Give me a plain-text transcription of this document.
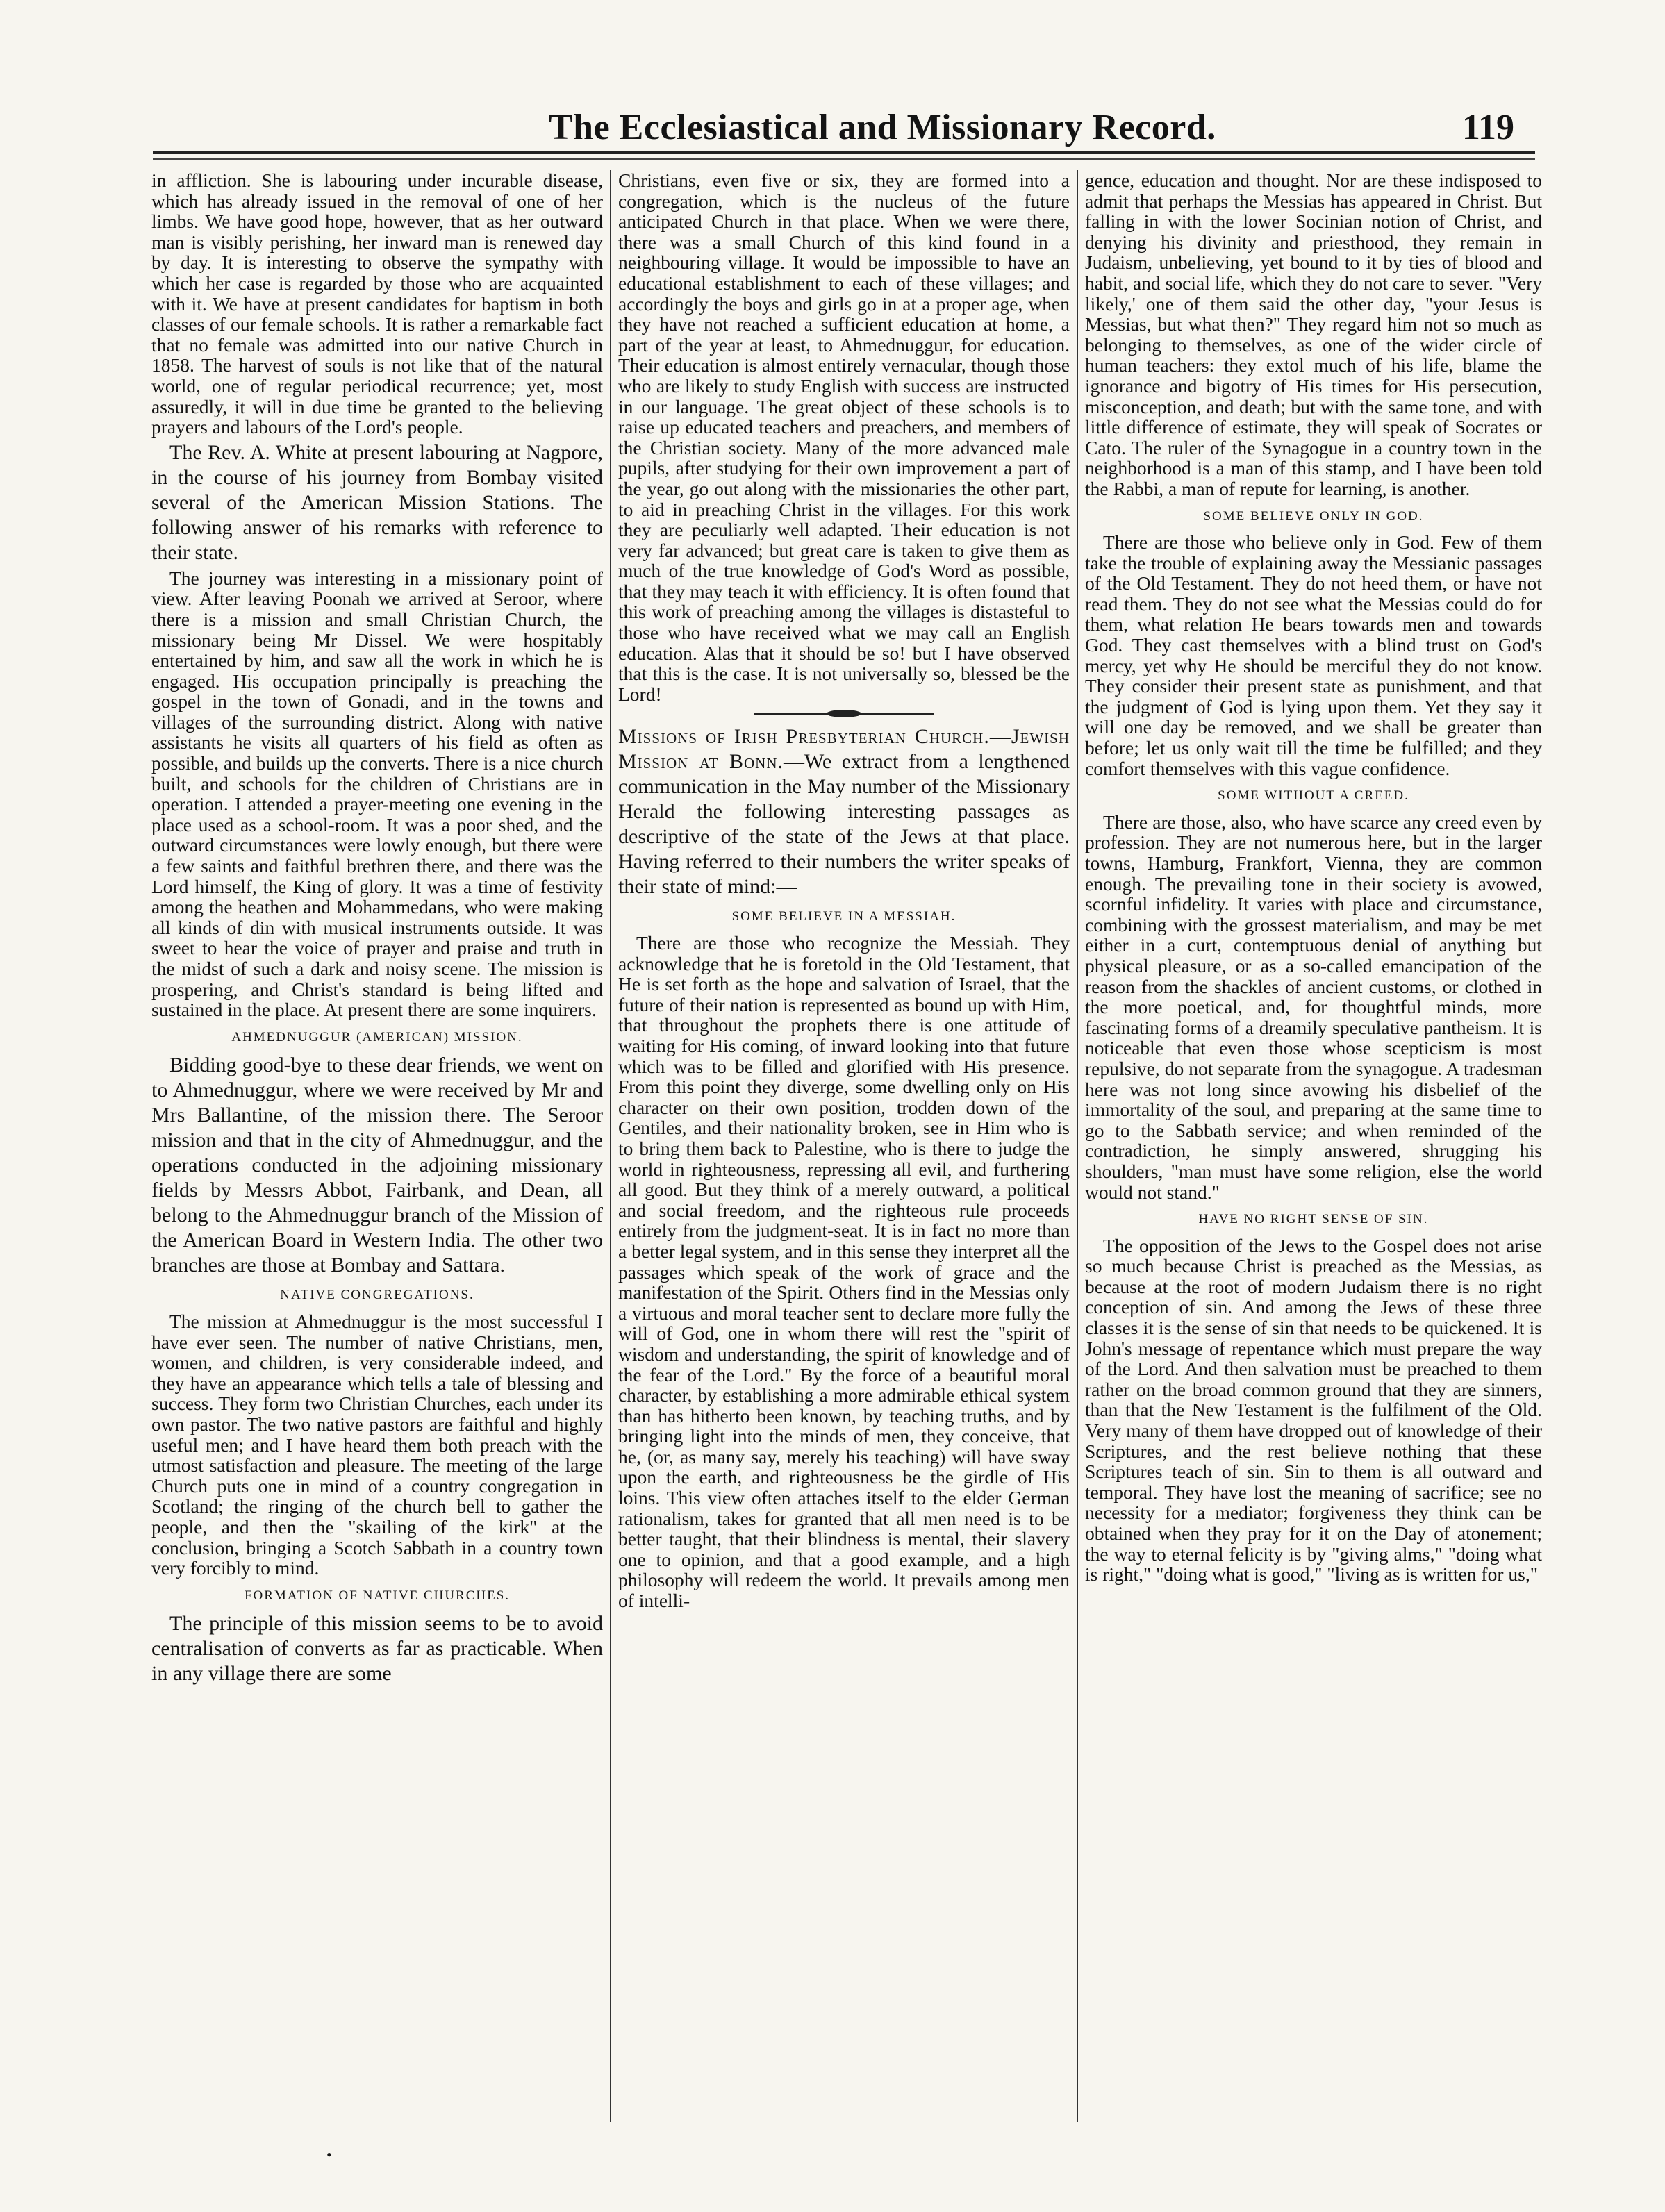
The Ecclesiastical and Missionary Record.	119

in affliction. She is labouring under incurable disease, which has already issued in the removal of one of her limbs. We have good hope, however, that as her outward man is visibly perishing, her inward man is renewed day by day. It is interesting to observe the sympathy with which her case is regarded by those who are acquainted with it. We have at present candidates for baptism in both classes of our female schools. It is rather a remarkable fact that no female was admitted into our native Church in 1858. The harvest of souls is not like that of the natural world, one of regular periodical recurrence; yet, most assuredly, it will in due time be granted to the believing prayers and labours of the Lord's people.

The Rev. A. White at present labouring at Nagpore, in the course of his journey from Bombay visited several of the American Mission Stations. The following answer of his remarks with reference to their state.

The journey was interesting in a missionary point of view. After leaving Poonah we arrived at Seroor, where there is a mission and small Christian Church, the missionary being Mr Dissel. We were hospitably entertained by him, and saw all the work in which he is engaged. His occupation principally is preaching the gospel in the town of Gonadi, and in the towns and villages of the surrounding district. Along with native assistants he visits all quarters of his field as often as possible, and builds up the converts. There is a nice church built, and schools for the children of Christians are in operation. I attended a prayer-meeting one evening in the place used as a school-room. It was a poor shed, and the outward circumstances were lowly enough, but there were a few saints and faithful brethren there, and there was the Lord himself, the King of glory. It was a time of festivity among the heathen and Mohammedans, who were making all kinds of din with musical instruments outside. It was sweet to hear the voice of prayer and praise and truth in the midst of such a dark and noisy scene. The mission is prospering, and Christ's standard is being lifted and sustained in the place. At present there are some inquirers.

AHMEDNUGGUR (AMERICAN) MISSION.

Bidding good-bye to these dear friends, we went on to Ahmednuggur, where we were received by Mr and Mrs Ballantine, of the mission there. The Seroor mission and that in the city of Ahmednuggur, and the operations conducted in the adjoining missionary fields by Messrs Abbot, Fairbank, and Dean, all belong to the Ahmednuggur branch of the Mission of the American Board in Western India. The other two branches are those at Bombay and Sattara.

NATIVE CONGREGATIONS.

The mission at Ahmednuggur is the most successful I have ever seen. The number of native Christians, men, women, and children, is very considerable indeed, and they have an appearance which tells a tale of blessing and success. They form two Christian Churches, each under its own pastor. The two native pastors are faithful and highly useful men; and I have heard them both preach with the utmost satisfaction and pleasure. The meeting of the large Church puts one in mind of a country congregation in Scotland; the ringing of the church bell to gather the people, and then the "skailing of the kirk" at the conclusion, bringing a Scotch Sabbath in a country town very forcibly to mind.

FORMATION OF NATIVE CHURCHES.

The principle of this mission seems to be to avoid centralisation of converts as far as practicable. When in any village there are some

Christians, even five or six, they are formed into a congregation, which is the nucleus of the future anticipated Church in that place. When we were there, there was a small Church of this kind found in a neighbouring village. It would be impossible to have an educational establishment to each of these villages; and accordingly the boys and girls go in at a proper age, when they have not reached a sufficient education at home, a part of the year at least, to Ahmednuggur, for education. Their education is almost entirely vernacular, though those who are likely to study English with success are instructed in our language. The great object of these schools is to raise up educated teachers and preachers, and members of the Christian society. Many of the more advanced male pupils, after studying for their own improvement a part of the year, go out along with the missionaries the other part, to aid in preaching Christ in the villages. For this work they are peculiarly well adapted. Their education is not very far advanced; but great care is taken to give them as much of the true knowledge of God's Word as possible, that they may teach it with efficiency. It is often found that this work of preaching among the villages is distasteful to those who have received what we may call an English education. Alas that it should be so! but I have observed that this is the case. It is not universally so, blessed be the Lord!

Missions of Irish Presbyterian Church.—Jewish Mission at Bonn.—We extract from a lengthened communication in the May number of the Missionary Herald the following interesting passages as descriptive of the state of the Jews at that place. Having referred to their numbers the writer speaks of their state of mind:—

SOME BELIEVE IN A MESSIAH.

There are those who recognize the Messiah. They acknowledge that he is foretold in the Old Testament, that He is set forth as the hope and salvation of Israel, that the future of their nation is represented as bound up with Him, that throughout the prophets there is one attitude of waiting for His coming, of inward looking into that future which was to be filled and glorified with His presence. From this point they diverge, some dwelling only on His character on their own position, trodden down of the Gentiles, and their nationality broken, see in Him who is to bring them back to Palestine, who is there to judge the world in righteousness, repressing all evil, and furthering all good. But they think of a merely outward, a political and social freedom, and the righteous rule proceeds entirely from the judgment-seat. It is in fact no more than a better legal system, and in this sense they interpret all the passages which speak of the work of grace and the manifestation of the Spirit. Others find in the Messias only a virtuous and moral teacher sent to declare more fully the will of God, one in whom there will rest the "spirit of wisdom and understanding, the spirit of knowledge and of the fear of the Lord." By the force of a beautiful moral character, by establishing a more admirable ethical system than has hitherto been known, by teaching truths, and by bringing light into the minds of men, they conceive, that he, (or, as many say, merely his teaching) will have sway upon the earth, and righteousness be the girdle of His loins. This view often attaches itself to the elder German rationalism, takes for granted that all men need is to be better taught, that their blindness is mental, their slavery one to opinion, and that a good example, and a high philosophy will redeem the world. It prevails among men of intelli-

gence, education and thought. Nor are these indisposed to admit that perhaps the Messias has appeared in Christ. But falling in with the lower Socinian notion of Christ, and denying his divinity and priesthood, they remain in Judaism, unbelieving, yet bound to it by ties of blood and habit, and social life, which they do not care to sever. "Very likely,' one of them said the other day, "your Jesus is Messias, but what then?" They regard him not so much as belonging to themselves, as one of the wider circle of human teachers: they extol much of his life, blame the ignorance and bigotry of His times for His persecution, misconception, and death; but with the same tone, and with little difference of estimate, they will speak of Socrates or Cato. The ruler of the Synagogue in a country town in the neighborhood is a man of this stamp, and I have been told the Rabbi, a man of repute for learning, is another.

SOME BELIEVE ONLY IN GOD.

There are those who believe only in God. Few of them take the trouble of explaining away the Messianic passages of the Old Testament. They do not heed them, or have not read them. They do not see what the Messias could do for them, what relation He bears towards men and towards God. They cast themselves with a blind trust on God's mercy, yet why He should be merciful they do not know. They consider their present state as punishment, and that the judgment of God is lying upon them. Yet they say it will one day be removed, and we shall be greater than before; let us only wait till the time be fulfilled; and they comfort themselves with this vague confidence.

SOME WITHOUT A CREED.

There are those, also, who have scarce any creed even by profession. They are not numerous here, but in the larger towns, Hamburg, Frankfort, Vienna, they are common enough. The prevailing tone in their society is avowed, scornful infidelity. It varies with place and circumstance, combining with the grossest materialism, and may be met either in a curt, contemptuous denial of anything but physical pleasure, or as a so-called emancipation of the reason from the shackles of ancient customs, or clothed in the more poetical, and, for thoughtful minds, more fascinating forms of a dreamily speculative pantheism. It is noticeable that even those whose scepticism is most repulsive, do not separate from the synagogue. A tradesman here was not long since avowing his disbelief of the immortality of the soul, and preparing at the same time to go to the Sabbath service; and when reminded of the contradiction, he simply answered, shrugging his shoulders, "man must have some religion, else the world would not stand."

HAVE NO RIGHT SENSE OF SIN.

The opposition of the Jews to the Gospel does not arise so much because Christ is preached as the Messias, as because at the root of modern Judaism there is no right conception of sin. And among the Jews of these three classes it is the sense of sin that needs to be quickened. It is John's message of repentance which must prepare the way of the Lord. And then salvation must be preached to them rather on the broad common ground that they are sinners, than that the New Testament is the fulfilment of the Old. Very many of them have dropped out of knowledge of their Scriptures, and the rest believe nothing that these Scriptures teach of sin. Sin to them is all outward and temporal. They have lost the meaning of sacrifice; see no necessity for a mediator; forgiveness they think can be obtained when they pray for it on the Day of atonement; the way to eternal felicity is by "giving alms," "doing what is right," "doing what is good," "living as is written for us,"

•
